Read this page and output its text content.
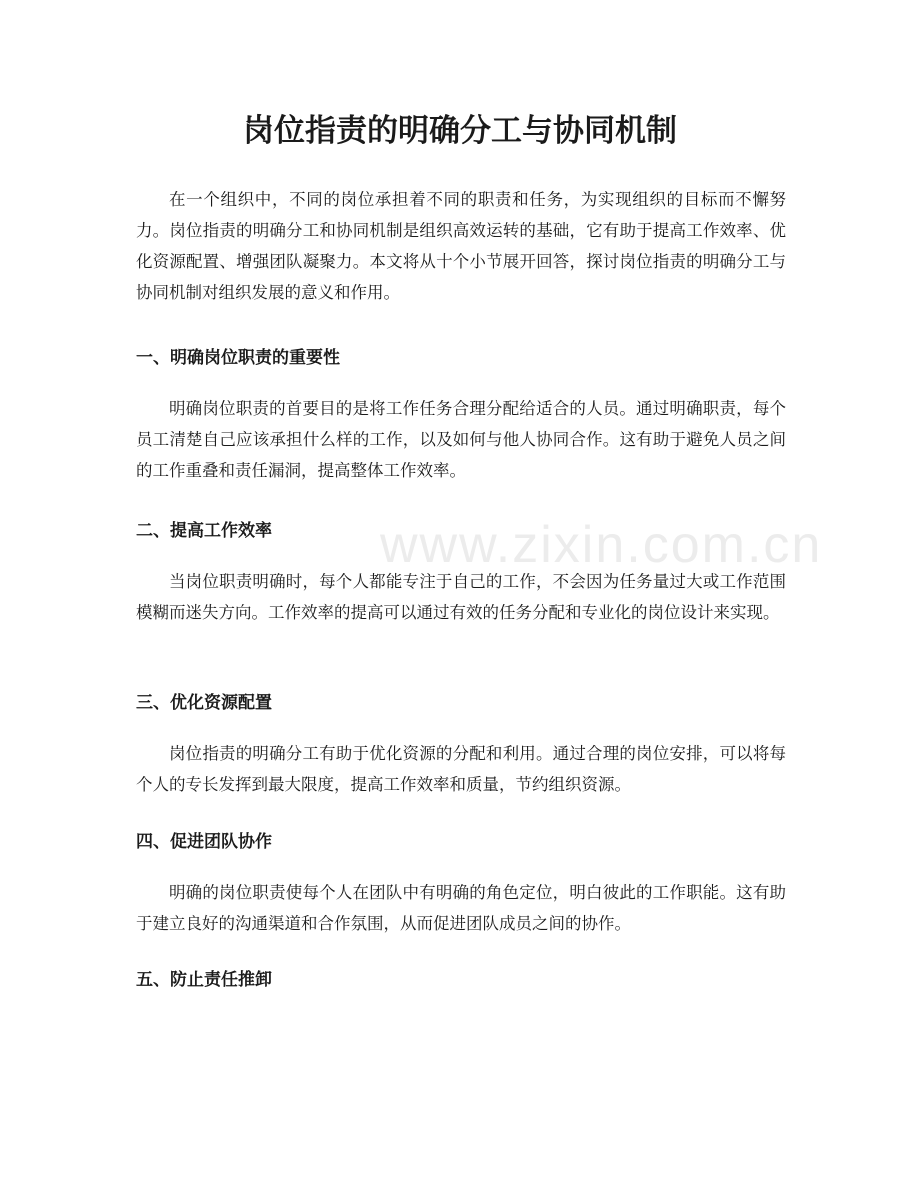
www.zixin.com.cn
岗位指责的明确分工与协同机制

在一个组织中，不同的岗位承担着不同的职责和任务，为实现组织的目标而不懈努力。岗位指责的明确分工和协同机制是组织高效运转的基础，它有助于提高工作效率、优化资源配置、增强团队凝聚力。本文将从十个小节展开回答，探讨岗位指责的明确分工与协同机制对组织发展的意义和作用。

一、明确岗位职责的重要性

明确岗位职责的首要目的是将工作任务合理分配给适合的人员。通过明确职责，每个员工清楚自己应该承担什么样的工作，以及如何与他人协同合作。这有助于避免人员之间的工作重叠和责任漏洞，提高整体工作效率。

二、提高工作效率

当岗位职责明确时，每个人都能专注于自己的工作，不会因为任务量过大或工作范围模糊而迷失方向。工作效率的提高可以通过有效的任务分配和专业化的岗位设计来实现。

三、优化资源配置

岗位指责的明确分工有助于优化资源的分配和利用。通过合理的岗位安排，可以将每个人的专长发挥到最大限度，提高工作效率和质量，节约组织资源。

四、促进团队协作

明确的岗位职责使每个人在团队中有明确的角色定位，明白彼此的工作职能。这有助于建立良好的沟通渠道和合作氛围，从而促进团队成员之间的协作。

五、防止责任推卸
